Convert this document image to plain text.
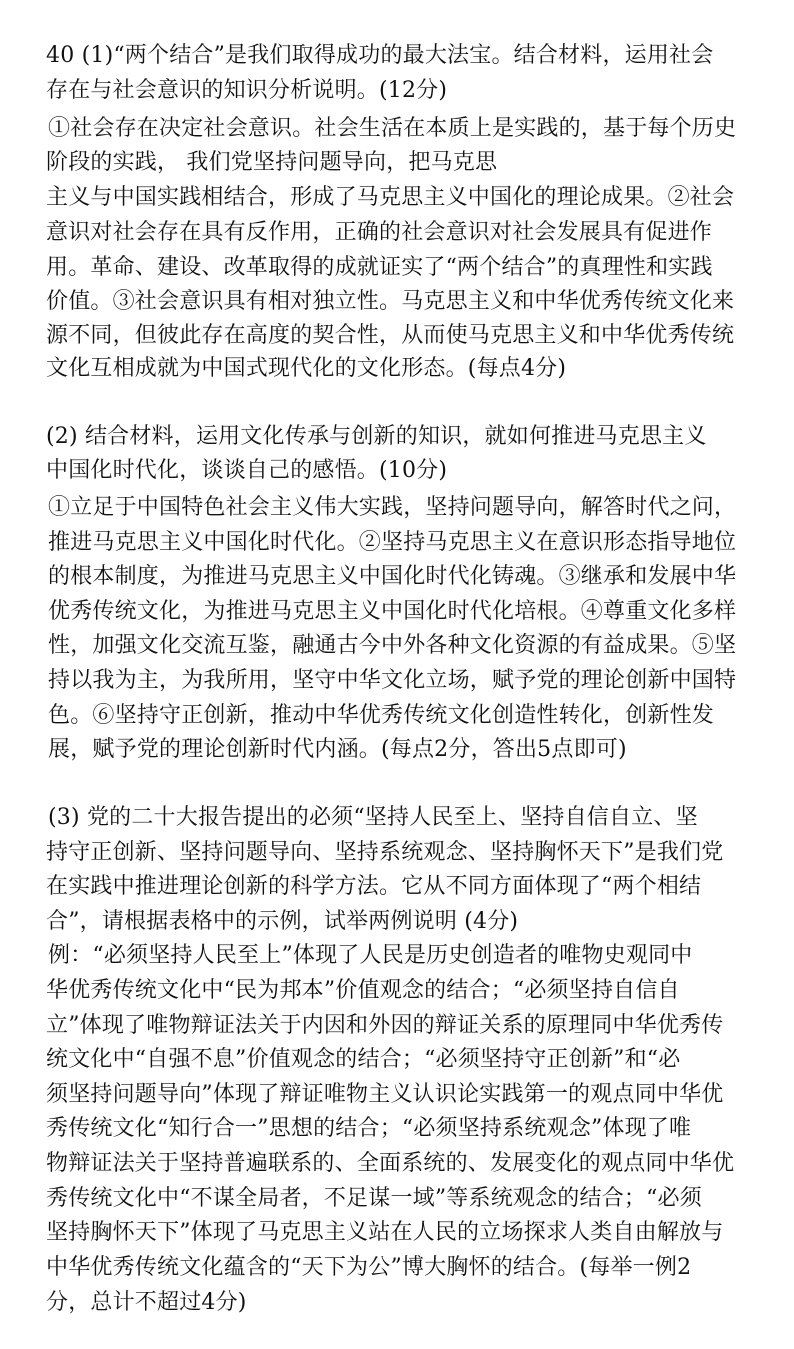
40 (1)“两个结合”是我们取得成功的最大法宝。结合材料，运用社会
存在与社会意识的知识分析说明。(12分)
①社会存在决定社会意识。社会生活在本质上是实践的，基于每个历史
阶段的实践， 我们党坚持问题导向，把马克思
主义与中国实践相结合，形成了马克思主义中国化的理论成果。②社会
意识对社会存在具有反作用，正确的社会意识对社会发展具有促进作
用。革命、建设、改革取得的成就证实了“两个结合”的真理性和实践
价值。③社会意识具有相对独立性。马克思主义和中华优秀传统文化来
源不同，但彼此存在高度的契合性，从而使马克思主义和中华优秀传统
文化互相成就为中国式现代化的文化形态。(每点4分)
(2) 结合材料，运用文化传承与创新的知识，就如何推进马克思主义
中国化时代化，谈谈自己的感悟。(10分)
①立足于中国特色社会主义伟大实践，坚持问题导向，解答时代之问，
推进马克思主义中国化时代化。②坚持马克思主义在意识形态指导地位
的根本制度，为推进马克思主义中国化时代化铸魂。③继承和发展中华
优秀传统文化，为推进马克思主义中国化时代化培根。④尊重文化多样
性，加强文化交流互鉴，融通古今中外各种文化资源的有益成果。⑤坚
持以我为主，为我所用，坚守中华文化立场，赋予党的理论创新中国特
色。⑥坚持守正创新，推动中华优秀传统文化创造性转化，创新性发
展，赋予党的理论创新时代内涵。(每点2分，答出5点即可)
(3) 党的二十大报告提出的必须“坚持人民至上、坚持自信自立、坚
持守正创新、坚持问题导向、坚持系统观念、坚持胸怀天下”是我们党
在实践中推进理论创新的科学方法。它从不同方面体现了“两个相结
合”，请根据表格中的示例，试举两例说明 (4分)
例：“必须坚持人民至上”体现了人民是历史创造者的唯物史观同中
华优秀传统文化中“民为邦本”价值观念的结合；“必须坚持自信自
立”体现了唯物辩证法关于内因和外因的辩证关系的原理同中华优秀传
统文化中“自强不息”价值观念的结合；“必须坚持守正创新”和“必
须坚持问题导向”体现了辩证唯物主义认识论实践第一的观点同中华优
秀传统文化“知行合一”思想的结合；“必须坚持系统观念”体现了唯
物辩证法关于坚持普遍联系的、全面系统的、发展变化的观点同中华优
秀传统文化中“不谋全局者，不足谋一域”等系统观念的结合；“必须
坚持胸怀天下”体现了马克思主义站在人民的立场探求人类自由解放与
中华优秀传统文化蕴含的“天下为公”博大胸怀的结合。(每举一例2
分，总计不超过4分)
